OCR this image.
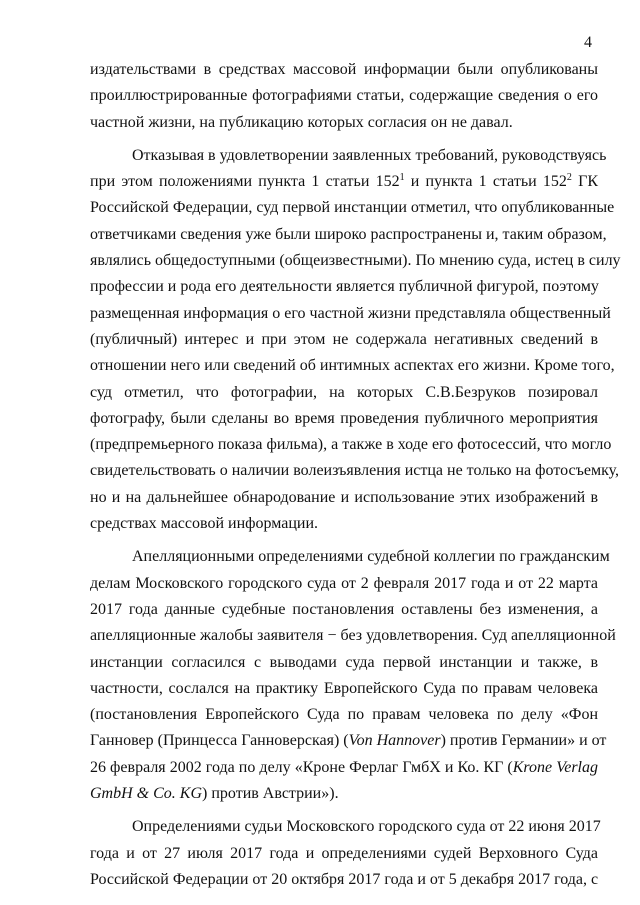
4
издательствами в средствах массовой информации были опубликованы
проиллюстрированные фотографиями статьи, содержащие сведения о его
частной жизни, на публикацию которых согласия он не давал.
Отказывая в удовлетворении заявленных требований, руководствуясь
при этом положениями пункта 1 статьи $152^1$ и пункта 1 статьи $152^2$ ГК
Российской Федерации, суд первой инстанции отметил, что опубликованные
ответчиками сведения уже были широко распространены и, таким образом,
являлись общедоступными (общеизвестными). По мнению суда, истец в силу
профессии и рода его деятельности является публичной фигурой, поэтому
размещенная информация о его частной жизни представляла общественный
(публичный) интерес и при этом не содержала негативных сведений в
отношении него или сведений об интимных аспектах его жизни. Кроме того,
суд отметил, что фотографии, на которых С.В.Безруков позировал
фотографу, были сделаны во время проведения публичного мероприятия
(предпремьерного показа фильма), а также в ходе его фотосессий, что могло
свидетельствовать о наличии волеизъявления истца не только на фотосъемку,
но и на дальнейшее обнародование и использование этих изображений в
средствах массовой информации.
Апелляционными определениями судебной коллегии по гражданским
делам Московского городского суда от 2 февраля 2017 года и от 22 марта
2017 года данные судебные постановления оставлены без изменения, а
апелляционные жалобы заявителя − без удовлетворения. Суд апелляционной
инстанции согласился с выводами суда первой инстанции и также, в
частности, сослался на практику Европейского Суда по правам человека
(постановления Европейского Суда по правам человека по делу «Фон
Ганновер (Принцесса Ганноверская) (Von Hannover) против Германии» и от
26 февраля 2002 года по делу «Кроне Ферлаг ГмбХ и Ко. КГ (Krone Verlag
GmbH & Co. KG) против Австрии»).
Определениями судьи Московского городского суда от 22 июня 2017
года и от 27 июля 2017 года и определениями судей Верховного Суда
Российской Федерации от 20 октября 2017 года и от 5 декабря 2017 года, с
